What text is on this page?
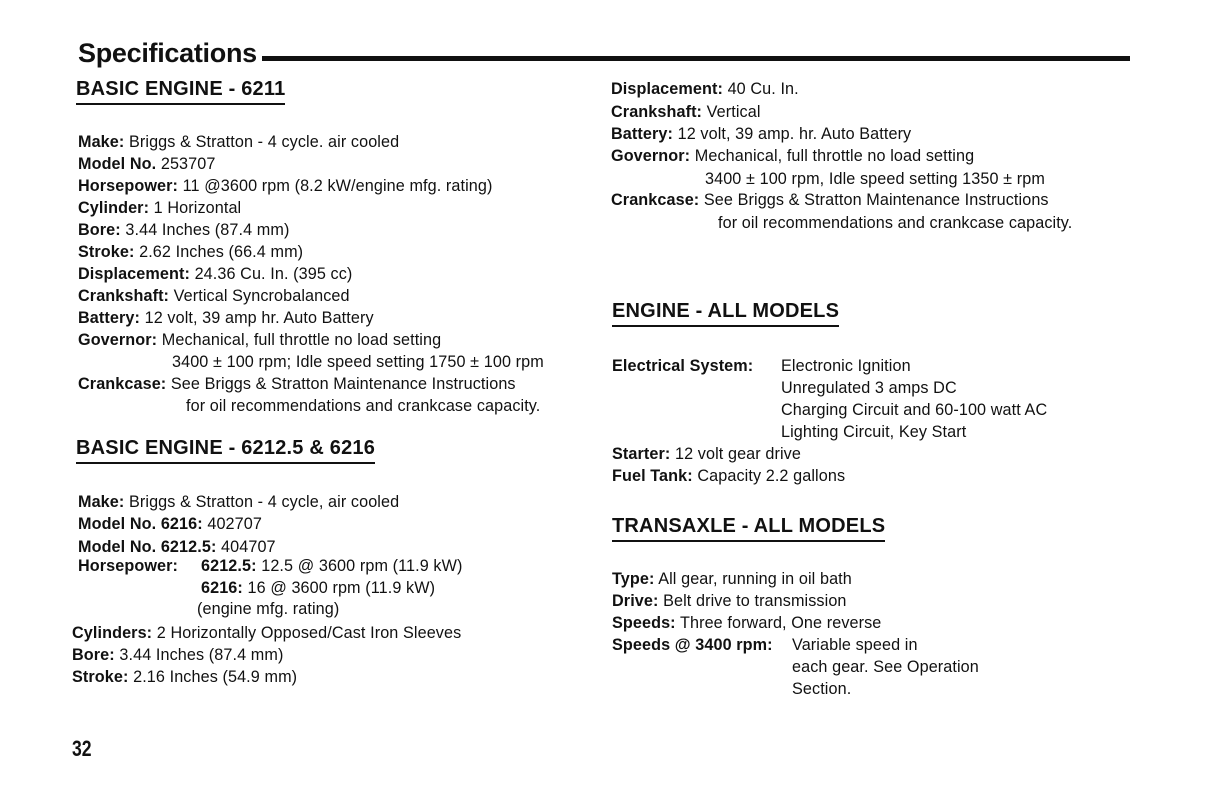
Specifications
BASIC ENGINE - 6211
Make: Briggs & Stratton - 4 cycle. air cooled
Model No. 253707
Horsepower: 11 @3600 rpm (8.2 kW/engine mfg. rating)
Cylinder: 1 Horizontal
Bore: 3.44 Inches (87.4 mm)
Stroke: 2.62 Inches (66.4 mm)
Displacement: 24.36 Cu. In. (395 cc)
Crankshaft: Vertical Syncrobalanced
Battery: 12 volt, 39 amp hr. Auto Battery
Governor: Mechanical, full throttle no load setting
3400 ± 100 rpm; Idle speed setting 1750 ± 100 rpm
Crankcase: See Briggs & Stratton Maintenance Instructions
for oil recommendations and crankcase capacity.
BASIC ENGINE - 6212.5 & 6216
Make: Briggs & Stratton - 4 cycle, air cooled
Model No. 6216: 402707
Model No. 6212.5: 404707
Horsepower: 6212.5: 12.5 @ 3600 rpm (11.9 kW)
6216: 16 @ 3600 rpm (11.9 kW)
(engine mfg. rating)
Cylinders: 2 Horizontally Opposed/Cast Iron Sleeves
Bore: 3.44 Inches (87.4 mm)
Stroke: 2.16 Inches (54.9 mm)
Displacement: 40 Cu. In.
Crankshaft: Vertical
Battery: 12 volt, 39 amp. hr. Auto Battery
Governor: Mechanical, full throttle no load setting
3400 ± 100 rpm, Idle speed setting 1350 ± rpm
Crankcase: See Briggs & Stratton Maintenance Instructions
for oil recommendations and crankcase capacity.
ENGINE - ALL MODELS
Electrical System: Electronic Ignition
Unregulated 3 amps DC
Charging Circuit and 60-100 watt AC
Lighting Circuit, Key Start
Starter: 12 volt gear drive
Fuel Tank: Capacity 2.2 gallons
TRANSAXLE - ALL MODELS
Type: All gear, running in oil bath
Drive: Belt drive to transmission
Speeds: Three forward, One reverse
Speeds @ 3400 rpm: Variable speed in
each gear. See Operation
Section.
32
